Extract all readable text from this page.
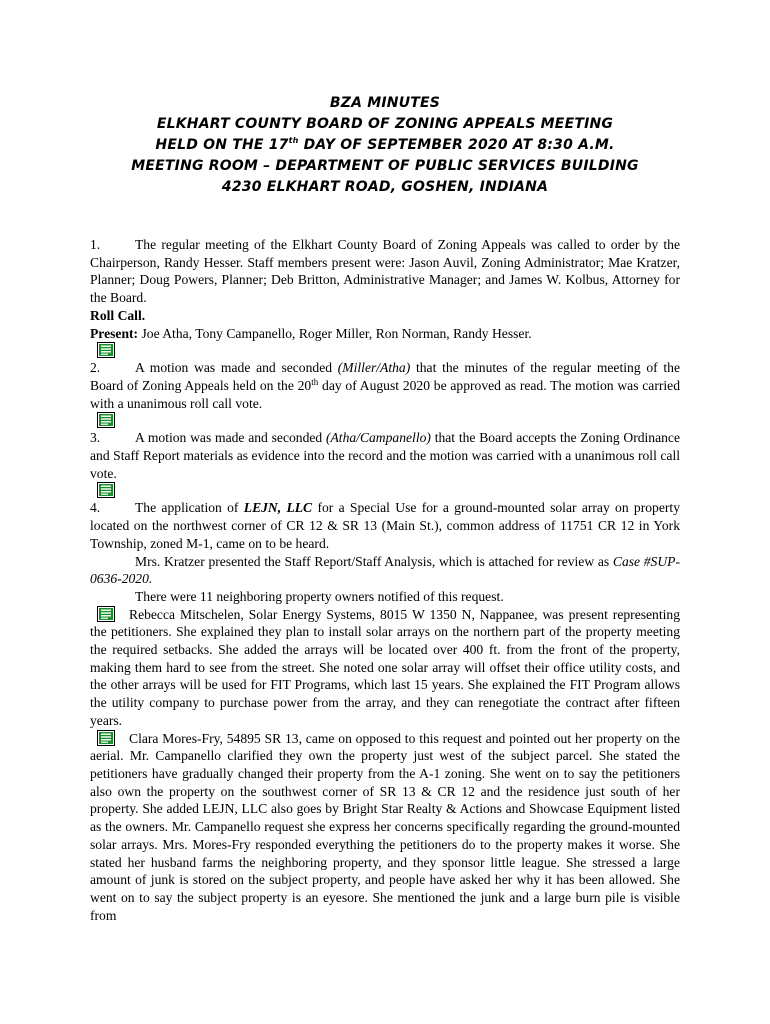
BZA MINUTES
ELKHART COUNTY BOARD OF ZONING APPEALS MEETING
HELD ON THE 17th DAY OF SEPTEMBER 2020 AT 8:30 A.M.
MEETING ROOM – DEPARTMENT OF PUBLIC SERVICES BUILDING
4230 ELKHART ROAD, GOSHEN, INDIANA

1.	The regular meeting of the Elkhart County Board of Zoning Appeals was called to order by the Chairperson, Randy Hesser. Staff members present were: Jason Auvil, Zoning Administrator; Mae Kratzer, Planner; Doug Powers, Planner; Deb Britton, Administrative Manager; and James W. Kolbus, Attorney for the Board.

Roll Call.

Present: Joe Atha, Tony Campanello, Roger Miller, Ron Norman, Randy Hesser.

2.	A motion was made and seconded (Miller/Atha) that the minutes of the regular meeting of the Board of Zoning Appeals held on the 20th day of August 2020 be approved as read. The motion was carried with a unanimous roll call vote.

3.	A motion was made and seconded (Atha/Campanello) that the Board accepts the Zoning Ordinance and Staff Report materials as evidence into the record and the motion was carried with a unanimous roll call vote.

4.	The application of LEJN, LLC for a Special Use for a ground-mounted solar array on property located on the northwest corner of CR 12 & SR 13 (Main St.), common address of 11751 CR 12 in York Township, zoned M-1, came on to be heard.

Mrs. Kratzer presented the Staff Report/Staff Analysis, which is attached for review as Case #SUP-0636-2020.

There were 11 neighboring property owners notified of this request.

Rebecca Mitschelen, Solar Energy Systems, 8015 W 1350 N, Nappanee, was present representing the petitioners. She explained they plan to install solar arrays on the northern part of the property meeting the required setbacks. She added the arrays will be located over 400 ft. from the front of the property, making them hard to see from the street. She noted one solar array will offset their office utility costs, and the other arrays will be used for FIT Programs, which last 15 years. She explained the FIT Program allows the utility company to purchase power from the array, and they can renegotiate the contract after fifteen years.

Clara Mores-Fry, 54895 SR 13, came on opposed to this request and pointed out her property on the aerial. Mr. Campanello clarified they own the property just west of the subject parcel. She stated the petitioners have gradually changed their property from the A-1 zoning. She went on to say the petitioners also own the property on the southwest corner of SR 13 & CR 12 and the residence just south of her property. She added LEJN, LLC also goes by Bright Star Realty & Actions and Showcase Equipment listed as the owners. Mr. Campanello request she express her concerns specifically regarding the ground-mounted solar arrays. Mrs. Mores-Fry responded everything the petitioners do to the property makes it worse. She stated her husband farms the neighboring property, and they sponsor little league. She stressed a large amount of junk is stored on the subject property, and people have asked her why it has been allowed. She went on to say the subject property is an eyesore. She mentioned the junk and a large burn pile is visible from
